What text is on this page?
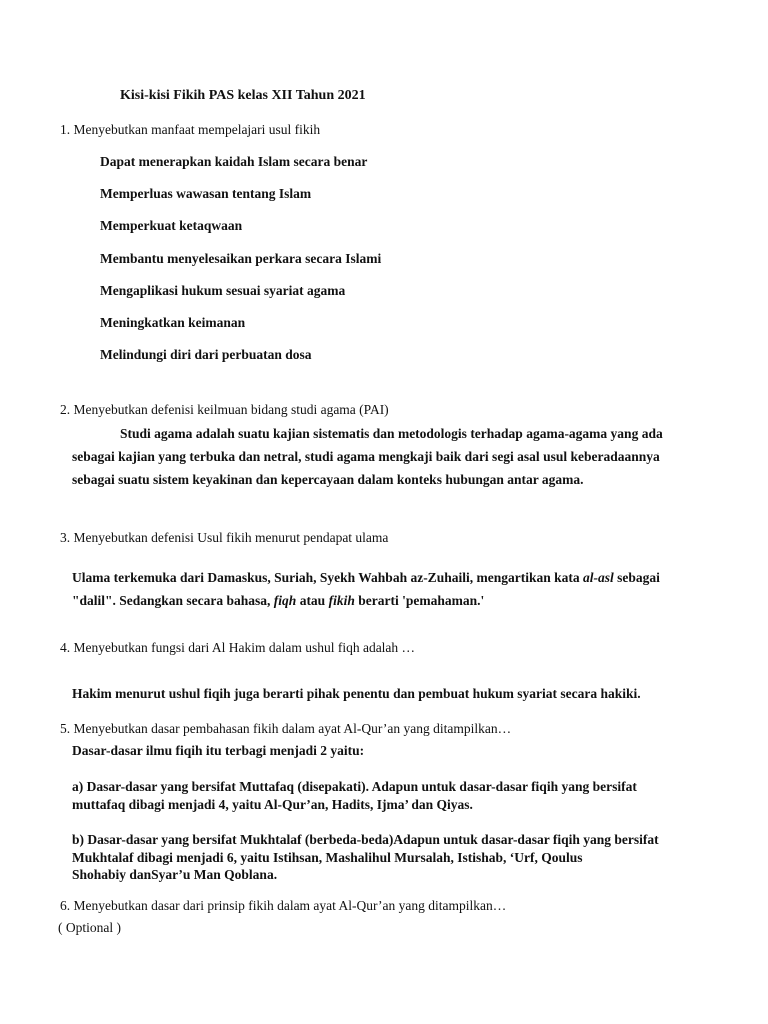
Kisi-kisi Fikih PAS kelas XII Tahun 2021
1. Menyebutkan manfaat mempelajari usul fikih
Dapat menerapkan kaidah Islam secara benar
Memperluas wawasan tentang Islam
Memperkuat ketaqwaan
Membantu menyelesaikan perkara secara Islami
Mengaplikasi hukum sesuai syariat agama
Meningkatkan keimanan
Melindungi diri dari perbuatan dosa
2. Menyebutkan defenisi keilmuan bidang studi agama (PAI)
Studi agama adalah suatu kajian sistematis dan metodologis terhadap agama-agama yang ada
sebagai kajian yang terbuka dan netral, studi agama mengkaji baik dari segi asal usul keberadaannya
sebagai suatu sistem keyakinan dan kepercayaan dalam konteks hubungan antar agama.
3. Menyebutkan defenisi Usul fikih menurut pendapat ulama
Ulama terkemuka dari Damaskus, Suriah, Syekh Wahbah az-Zuhaili, mengartikan kata al-asl sebagai
"dalil". Sedangkan secara bahasa, fiqh atau fikih berarti 'pemahaman.'
4. Menyebutkan fungsi dari Al Hakim dalam ushul fiqh adalah …
Hakim menurut ushul fiqih juga berarti pihak penentu dan pembuat hukum syariat secara hakiki.
5. Menyebutkan dasar pembahasan fikih dalam ayat Al-Qur’an yang ditampilkan…
Dasar-dasar ilmu fiqih itu terbagi menjadi 2 yaitu:
a) Dasar-dasar yang bersifat Muttafaq (disepakati). Adapun untuk dasar-dasar fiqih yang bersifat
muttafaq dibagi menjadi 4, yaitu Al-Qur’an, Hadits, Ijma’ dan Qiyas.
b) Dasar-dasar yang bersifat Mukhtalaf (berbeda-beda)Adapun untuk dasar-dasar fiqih yang bersifat
Mukhtalaf dibagi menjadi 6, yaitu Istihsan, Mashalihul Mursalah, Istishab, ‘Urf, Qoulus
Shohabiy danSyar’u Man Qoblana.
6. Menyebutkan dasar dari prinsip fikih dalam ayat Al-Qur’an yang ditampilkan…
( Optional )
